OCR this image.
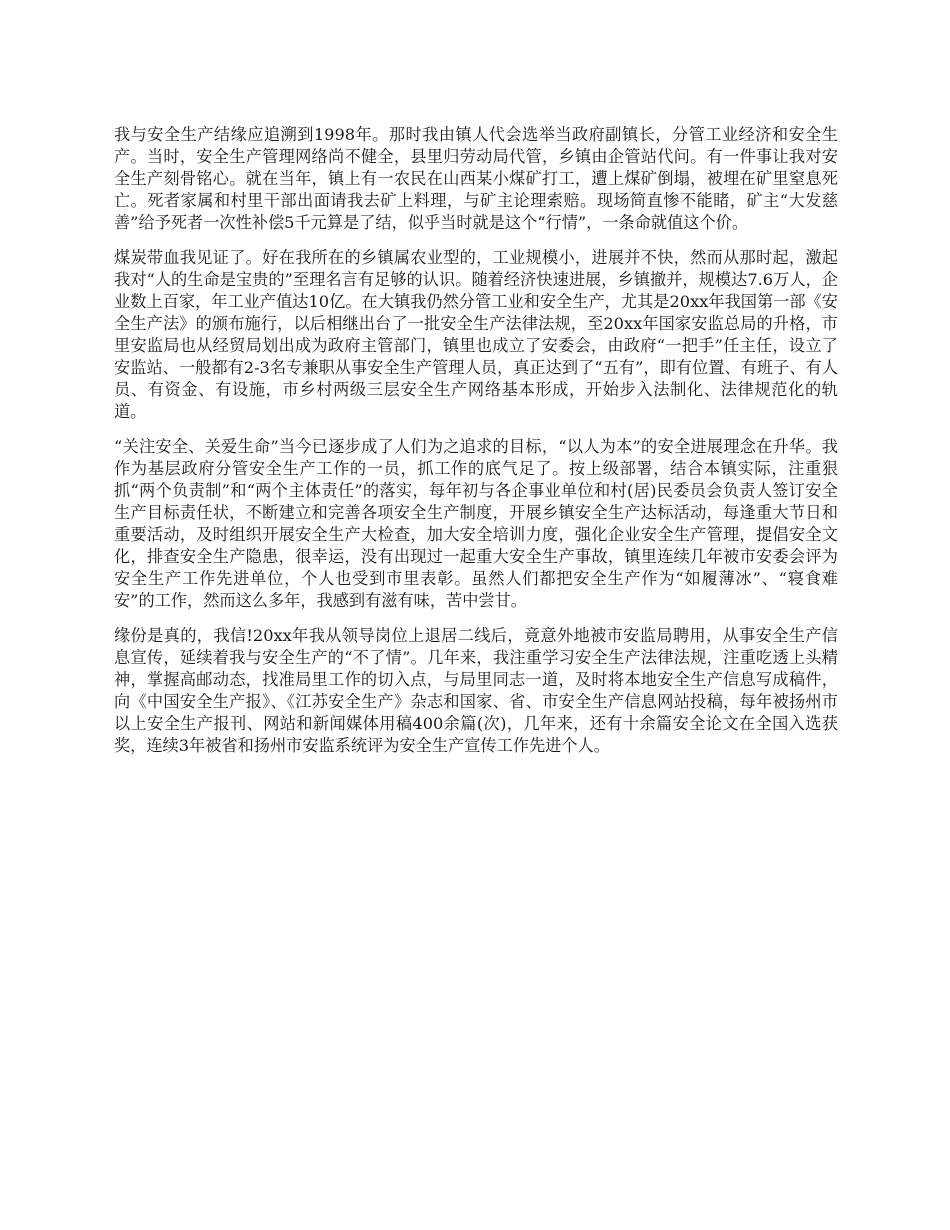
我与安全生产结缘应追溯到1998年。那时我由镇人代会选举当政府副镇长，分管工业经济和安全生产。当时，安全生产管理网络尚不健全，县里归劳动局代管，乡镇由企管站代问。有一件事让我对安全生产刻骨铭心。就在当年，镇上有一农民在山西某小煤矿打工，遭上煤矿倒塌，被埋在矿里窒息死亡。死者家属和村里干部出面请我去矿上料理，与矿主论理索赔。现场简直惨不能睹，矿主“大发慈善”给予死者一次性补偿5千元算是了结，似乎当时就是这个“行情”，一条命就值这个价。

煤炭带血我见证了。好在我所在的乡镇属农业型的，工业规模小，进展并不快，然而从那时起，激起我对“人的生命是宝贵的”至理名言有足够的认识。随着经济快速进展，乡镇撤并，规模达7.6万人，企业数上百家，年工业产值达10亿。在大镇我仍然分管工业和安全生产，尤其是20xx年我国第一部《安全生产法》的颁布施行，以后相继出台了一批安全生产法律法规，至20xx年国家安监总局的升格，市里安监局也从经贸局划出成为政府主管部门，镇里也成立了安委会，由政府“一把手”任主任，设立了安监站、一般都有2-3名专兼职从事安全生产管理人员，真正达到了“五有”，即有位置、有班子、有人员、有资金、有设施，市乡村两级三层安全生产网络基本形成，开始步入法制化、法律规范化的轨道。

“关注安全、关爱生命”当今已逐步成了人们为之追求的目标，“以人为本”的安全进展理念在升华。我作为基层政府分管安全生产工作的一员，抓工作的底气足了。按上级部署，结合本镇实际，注重狠抓“两个负责制”和“两个主体责任”的落实，每年初与各企事业单位和村(居)民委员会负责人签订安全生产目标责任状，不断建立和完善各项安全生产制度，开展乡镇安全生产达标活动，每逢重大节日和重要活动，及时组织开展安全生产大检查，加大安全培训力度，强化企业安全生产管理，提倡安全文化，排查安全生产隐患，很幸运，没有出现过一起重大安全生产事故，镇里连续几年被市安委会评为安全生产工作先进单位，个人也受到市里表彰。虽然人们都把安全生产作为“如履薄冰”、“寝食难安”的工作，然而这么多年，我感到有滋有味，苦中尝甘。

缘份是真的，我信!20xx年我从领导岗位上退居二线后，竟意外地被市安监局聘用，从事安全生产信息宣传，延续着我与安全生产的“不了情”。几年来，我注重学习安全生产法律法规，注重吃透上头精神，掌握高邮动态，找准局里工作的切入点，与局里同志一道，及时将本地安全生产信息写成稿件，向《中国安全生产报》、《江苏安全生产》杂志和国家、省、市安全生产信息网站投稿，每年被扬州市以上安全生产报刊、网站和新闻媒体用稿400余篇(次)，几年来，还有十余篇安全论文在全国入选获奖，连续3年被省和扬州市安监系统评为安全生产宣传工作先进个人。
